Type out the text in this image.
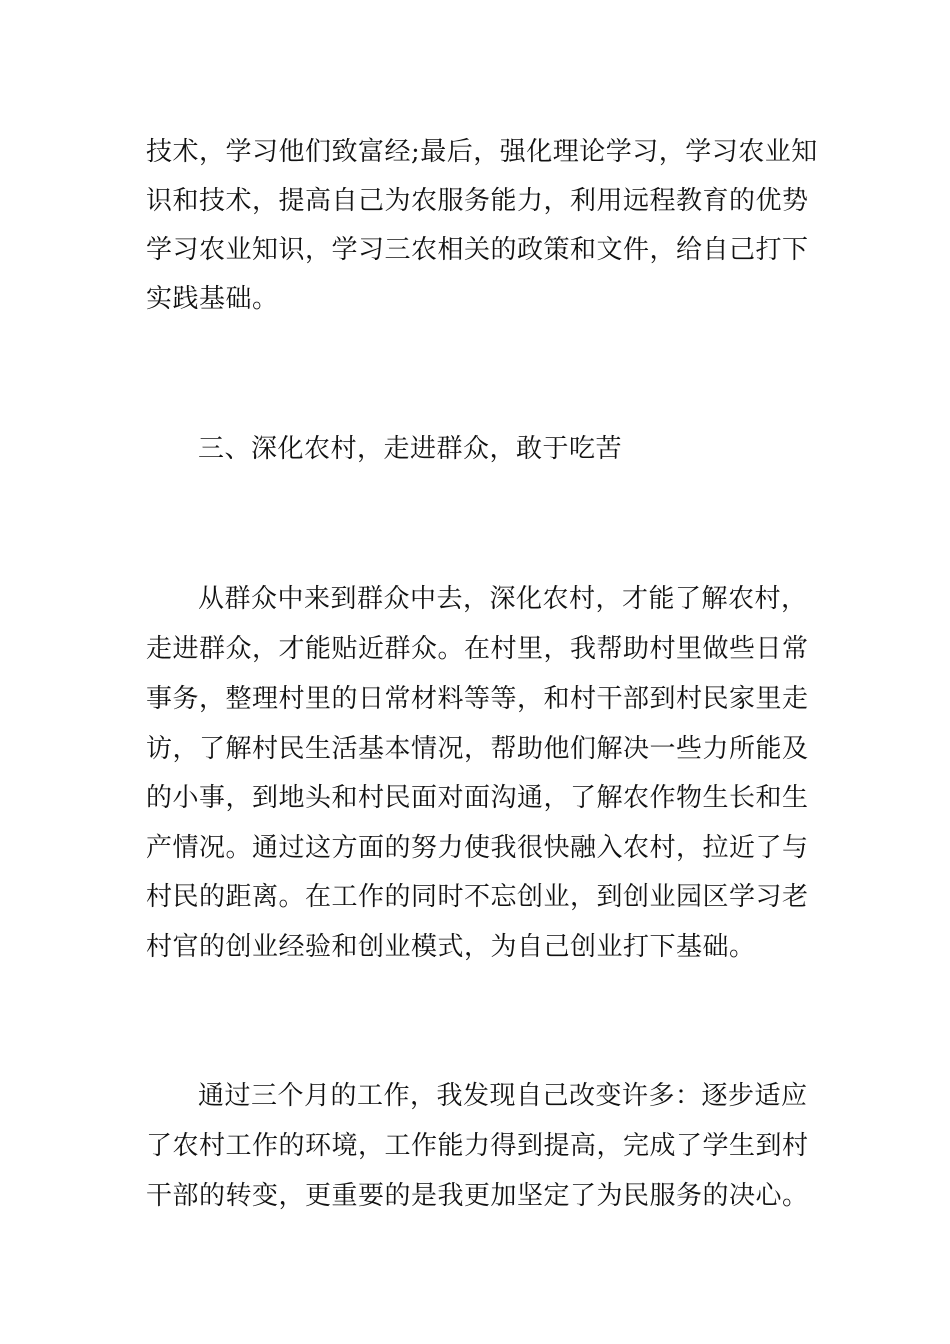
技术，学习他们致富经;最后，强化理论学习，学习农业知
识和技术，提高自己为农服务能力，利用远程教育的优势
学习农业知识，学习三农相关的政策和文件，给自己打下
实践基础。
三、深化农村，走进群众，敢于吃苦
从群众中来到群众中去，深化农村，才能了解农村，
走进群众，才能贴近群众。在村里，我帮助村里做些日常
事务，整理村里的日常材料等等，和村干部到村民家里走
访，了解村民生活基本情况，帮助他们解决一些力所能及
的小事，到地头和村民面对面沟通，了解农作物生长和生
产情况。通过这方面的努力使我很快融入农村，拉近了与
村民的距离。在工作的同时不忘创业，到创业园区学习老
村官的创业经验和创业模式，为自己创业打下基础。
通过三个月的工作，我发现自己改变许多：逐步适应
了农村工作的环境，工作能力得到提高，完成了学生到村
干部的转变，更重要的是我更加坚定了为民服务的决心。
